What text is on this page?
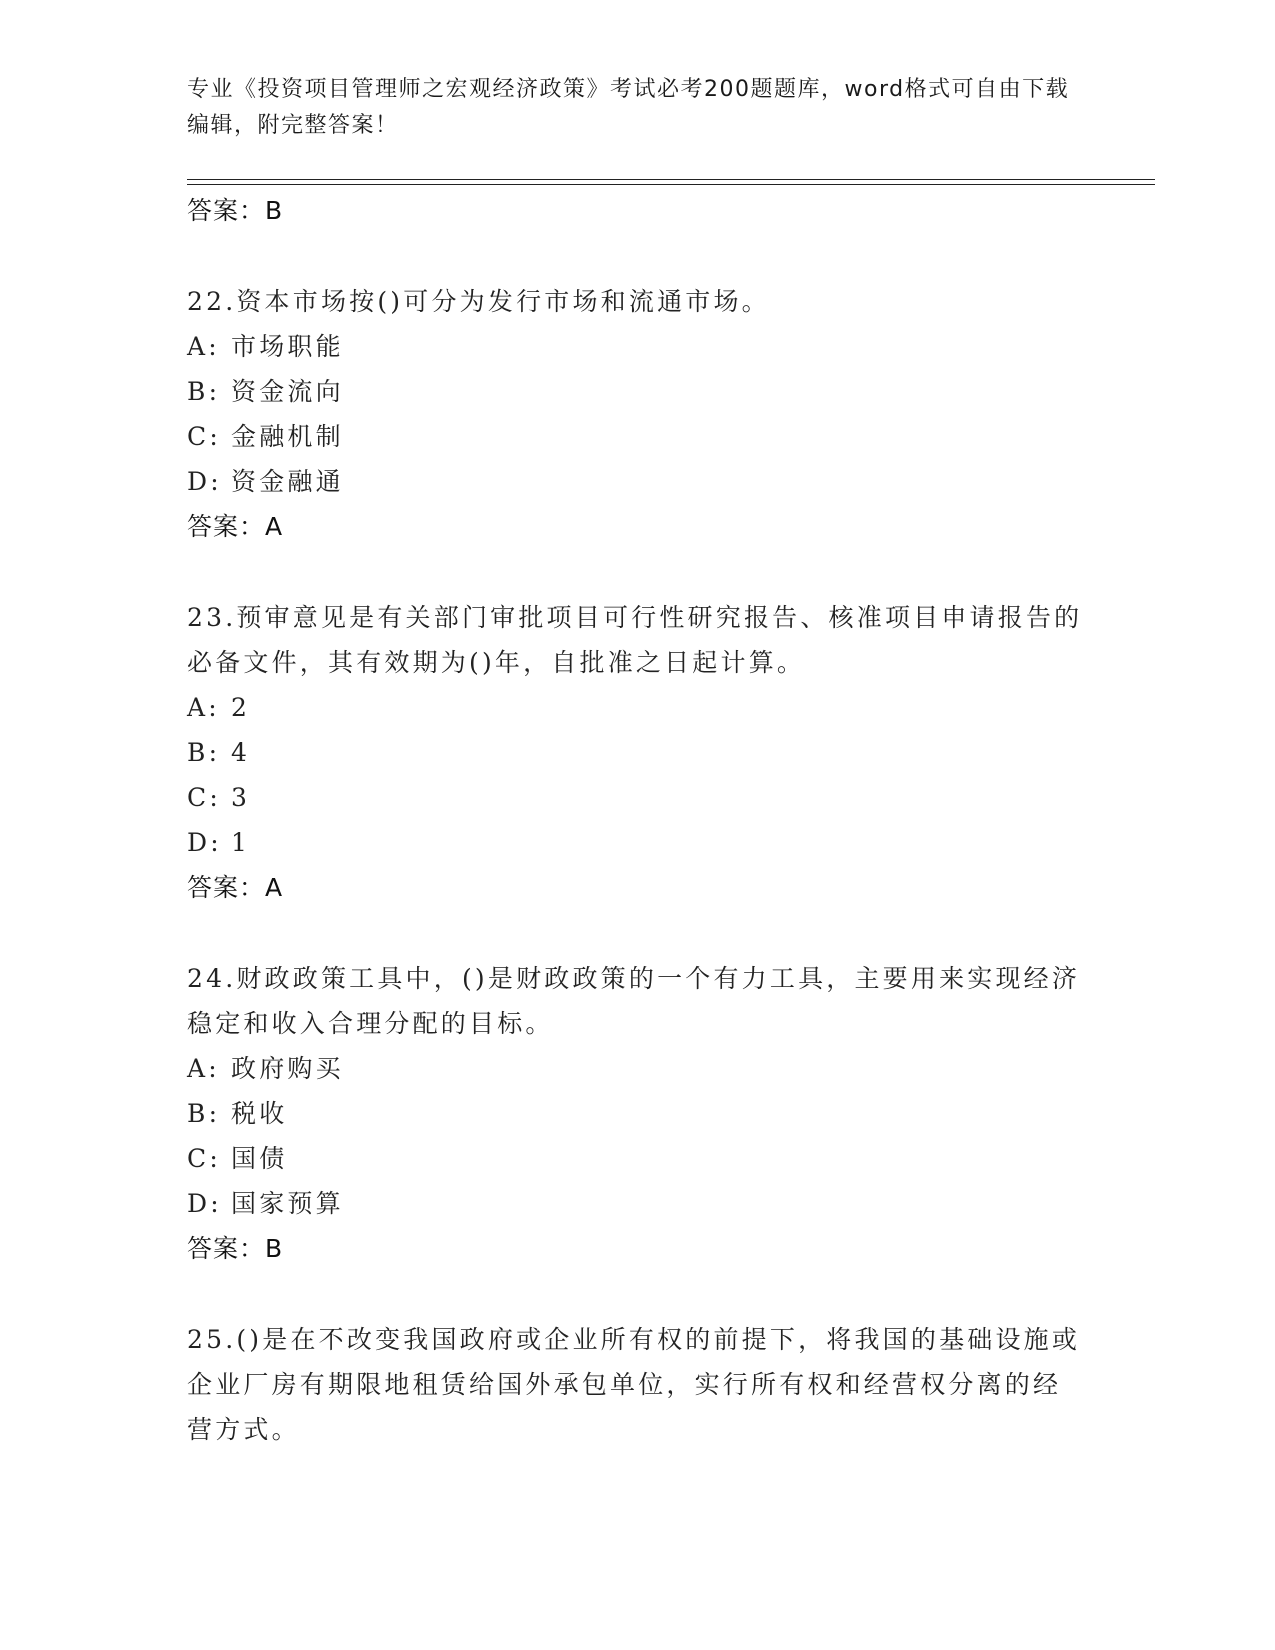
专业《投资项目管理师之宏观经济政策》考试必考200题题库，word格式可自由下载编辑，附完整答案！
答案：B
22.资本市场按()可分为发行市场和流通市场。
A: 市场职能
B: 资金流向
C: 金融机制
D: 资金融通
答案：A
23.预审意见是有关部门审批项目可行性研究报告、核准项目申请报告的必备文件，其有效期为()年，自批准之日起计算。
A: 2
B: 4
C: 3
D: 1
答案：A
24.财政政策工具中，()是财政政策的一个有力工具，主要用来实现经济稳定和收入合理分配的目标。
A: 政府购买
B: 税收
C: 国债
D: 国家预算
答案：B
25.()是在不改变我国政府或企业所有权的前提下，将我国的基础设施或企业厂房有期限地租赁给国外承包单位，实行所有权和经营权分离的经营方式。
